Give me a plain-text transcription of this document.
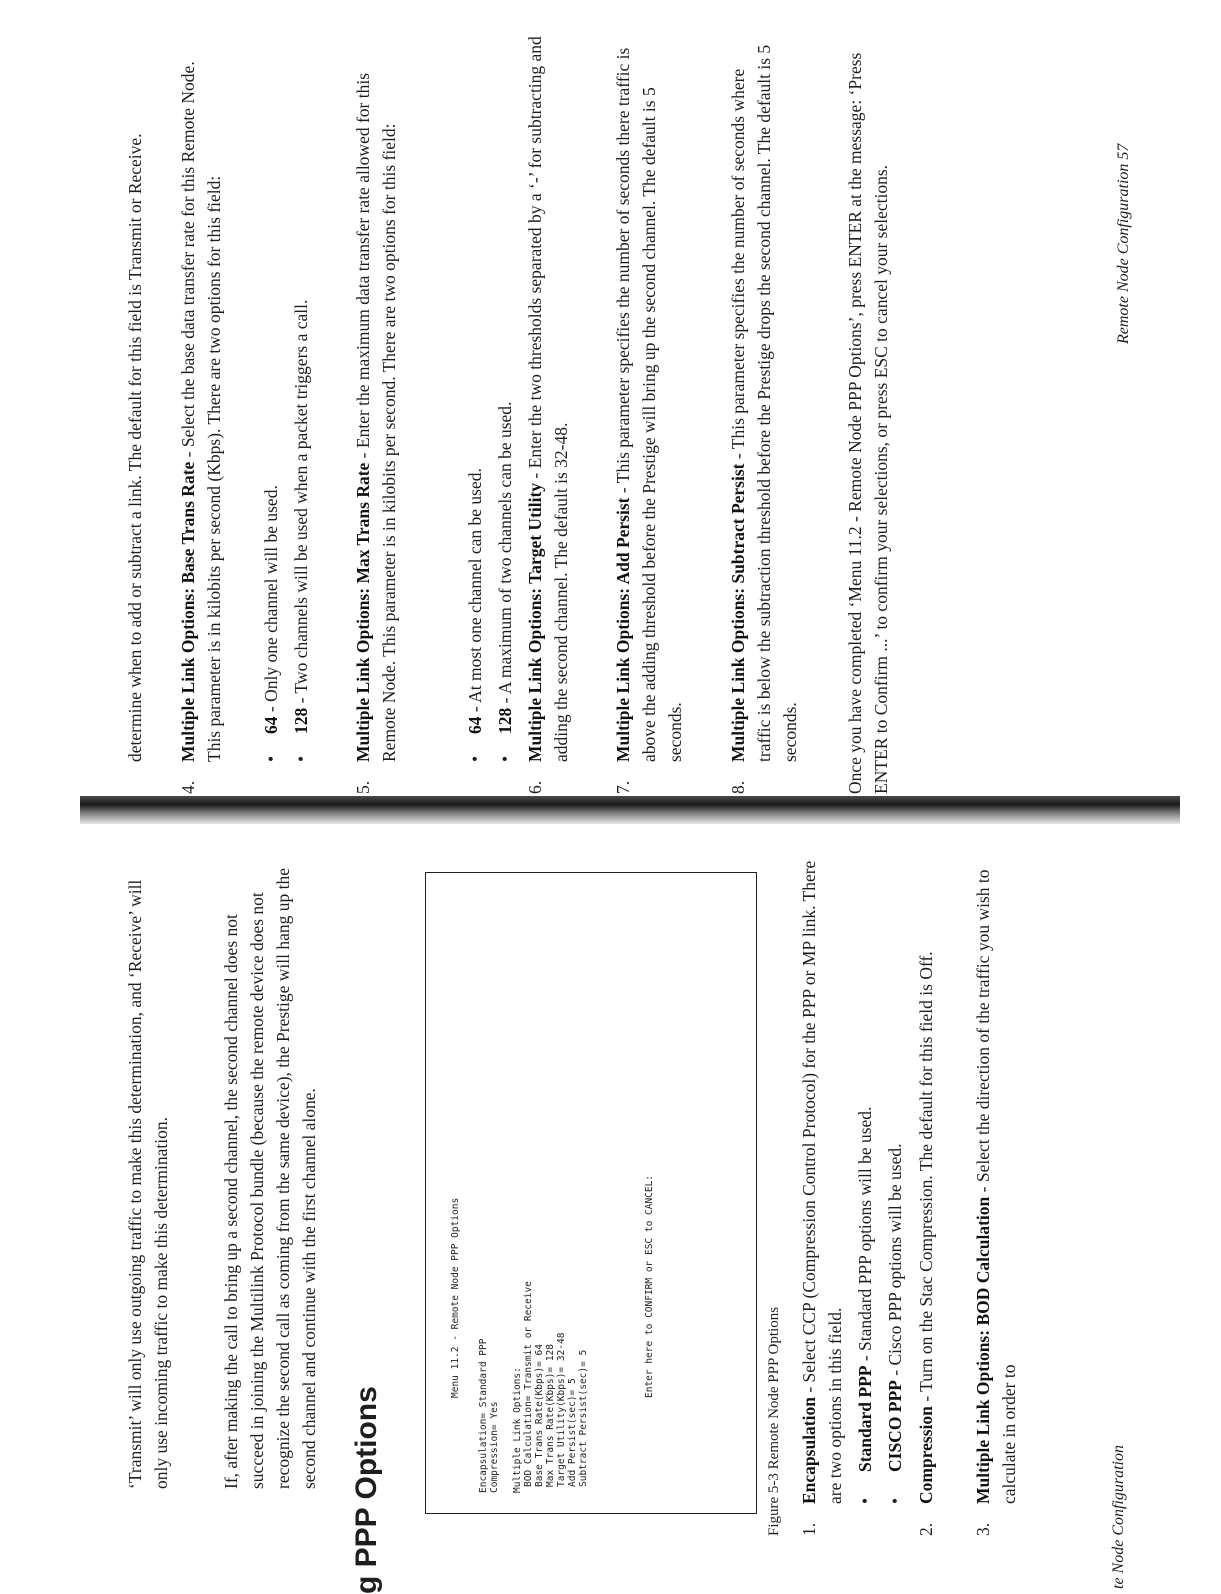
‘Transmit’ will only use outgoing traffic to make this determination, and ‘Receive’ will only use incoming traffic to make this determination.	If, after making the call to bring up a second channel, the second channel does not succeed in joining the Multilink Protocol bundle (because the remote device does not recognize the second call as coming from the same device), the Prestige will hang up the second channel and continue with the first channel alone.

g PPP Options
Menu 11.2 - Remote Node PPP Options
Encapsulation= Standard PPP Compression= Yes Multiple Link Options: BOD Calculation= Transmit or Receive Base Trans Rate(Kbps)= 64 Max Trans Rate(Kbps)= 128 Target Utility(Kbps)= 32-48 Add Persist(sec)= 5 Subtract Persist(sec)= 5
Enter here to CONFIRM or ESC to CANCEL:

Figure 5-3 Remote Node PPP Options 1.

Encapsulation - Select CCP (Compression Control Protocol) for the PPP or MP link. There are two options in this field. •

Standard PPP - Standard PPP options will be used.

•

CISCO PPP - Cisco PPP options will be used.

2.

Compression - Turn on the Stac Compression. The default for this field is Off.

3.

Multiple Link Options: BOD Calculation - Select the direction of the traffic you wish to calculate in order to

te Node Configuration

determine when to add or subtract a link. The default for this field is Transmit or Receive.

4.

Multiple Link Options: Base Trans Rate - Select the base data transfer rate for this Remote Node. This parameter is in kilobits per second (Kbps). There are two options for this field: •

64 - Only one channel will be used.

•

128 - Two channels will be used when a packet triggers a call.

5.

Multiple Link Options: Max Trans Rate - Enter the maximum data transfer rate allowed for this Remote Node. This parameter is in kilobits per second. There are two options for this field:	•

64 - At most one channel can be used.

•

128 - A maximum of two channels can be used.

6.

Multiple Link Options: Target Utility - Enter the two thresholds separated by a ‘-’ for subtracting and adding the second channel. The default is 32-48.

7.

Multiple Link Options: Add Persist - This parameter specifies the number of seconds there traffic is above the adding threshold before the Prestige will bring up the second channel. The default is 5 seconds.

8.

Multiple Link Options: Subtract Persist - This parameter specifies the number of seconds where traffic is below the subtraction threshold before the Prestige drops the second channel. The default is 5 seconds.	Once you have completed ‘Menu 11.2 - Remote Node PPP Options’, press ENTER at the message: ‘Press ENTER to Confirm ...’ to confirm your selections, or press ESC to cancel your selections.	Remote Node Configuration 57
